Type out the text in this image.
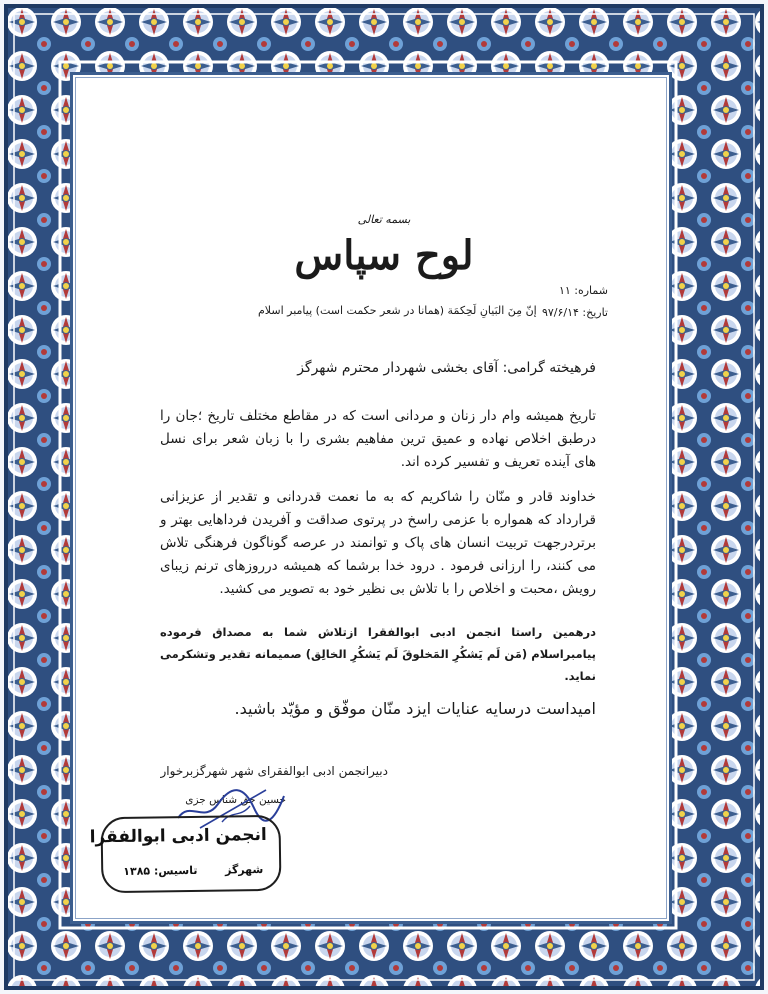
بسمه تعالی
لوح سپاس
شماره: ۱۱
تاریخ: ۹۷/۶/۱۴
إنّ مِنَ البَیانِ لَحِکمَة (همانا در شعر حکمت است) پیامبر اسلام
فرهیخته گرامی: آقای بخشی شهردار محترم شهرگز
تاریخ همیشه وام دار زنان و مردانی است که در مقاطع مختلف تاریخ ؛جان را درطبق اخلاص نهاده و عمیق ترین مفاهیم بشری را با زبان شعر برای نسل های آینده تعریف و تفسیر کرده اند.
خداوند قادر و منّان را شاکریم که به ما نعمت قدردانی و تقدیر از عزیزانی قرارداد که همواره با عزمی راسخ در پرتوی صداقت و آفریدن فرداهایی بهتر و برتردرجهت تربیت انسان های پاک و توانمند در عرصه گوناگون فرهنگی تلاش می کنند، را ارزانی فرمود . درود خدا برشما که همیشه درروزهای ترنم زیبای رویش ،محبت و اخلاص را با تلاش بی نظیر خود به تصویر می کشید.
درهمین راستا انجمن ادبی ابوالفقرا ازتلاش شما به مصداق فرموده پیامبراسلام (مَن لَم یَشکُرِ المَخلوقَ لَم یَشکُرِ الخالِق) صمیمانه تقدیر وتشکرمی نماید.
امیداست درسایه عنایات ایزد منّان موفّق و مؤیّد باشید.
دبیرانجمن ادبی ابوالفقرای شهر شهرگزبرخوار
حسین حق شناس جزی
انجمن ادبی ابوالفقرا
شهرگز
تاسیس: ۱۳۸۵
